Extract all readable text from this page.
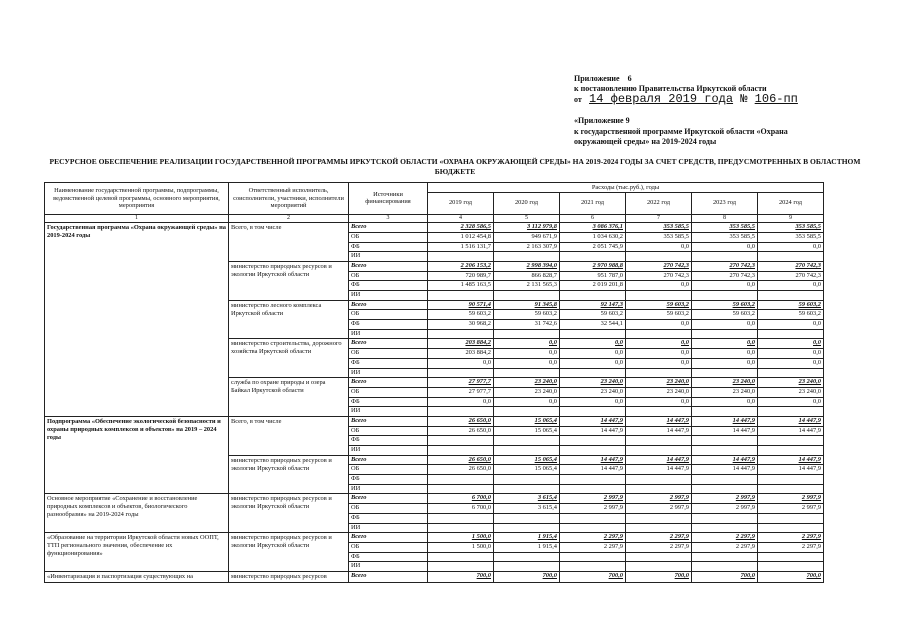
Приложение 6
к постановлению Правительства Иркутской области
от 14 февраля 2019 года № 106-пп
«Приложение 9
к государственной программе Иркутской области «Охрана окружающей среды» на 2019-2024 годы
РЕСУРСНОЕ ОБЕСПЕЧЕНИЕ РЕАЛИЗАЦИИ ГОСУДАРСТВЕННОЙ ПРОГРАММЫ ИРКУТСКОЙ ОБЛАСТИ «ОХРАНА ОКРУЖАЮЩЕЙ СРЕДЫ» НА 2019-2024 ГОДЫ ЗА СЧЕТ СРЕДСТВ, ПРЕДУСМОТРЕННЫХ В ОБЛАСТНОМ БЮДЖЕТЕ
Наименование государственной программы, подпрограммы, ведомственной целевой программы, основного мероприятия, мероприятия	Ответственный исполнитель, соисполнители, участники, исполнители мероприятий	Источники финансирования	Расходы (тыс.руб.), годы					
			2019 год	2020 год	2021 год	2022 год	2023 год	2024 год
1	2	3	4	5	6	7	8	9
Государственная программа «Охрана окружающей среды» на 2019-2024 годы	Всего, в том числе	Всего	2 328 586,5	3 112 979,8	3 086 376,1	353 585,5	353 585,5	353 585,5
		ОБ	1 012 454,8	949 671,9	1 034 630,2	353 585,5	353 585,5	353 585,5
		ФБ	1 516 131,7	2 163 307,9	2 051 745,9	0,0	0,0	0,0
		ИИ						
	министерство природных ресурсов и экологии Иркутской области	Всего	2 206 153,2	2 998 394,0	2 970 988,8	270 742,3	270 742,3	270 742,3
		ОБ	720 989,7	866 828,7	951 787,0	270 742,3	270 742,3	270 742,3
		ФБ	1 485 163,5	2 131 565,3	2 019 201,8	0,0	0,0	0,0
		ИИ						
	министерство лесного комплекса Иркутской области	Всего	90 571,4	91 345,8	92 147,3	59 603,2	59 603,2	59 603,2
		ОБ	59 603,2	59 603,2	59 603,2	59 603,2	59 603,2	59 603,2
		ФБ	30 968,2	31 742,6	32 544,1	0,0	0,0	0,0
		ИИ						
	министерство строительства, дорожного хозяйства Иркутской области	Всего	203 884,2	0,0	0,0	0,0	0,0	0,0
		ОБ	203 884,2	0,0	0,0	0,0	0,0	0,0
		ФБ	0,0	0,0	0,0	0,0	0,0	0,0
		ИИ						
	служба по охране природы и озера Байкал Иркутской области	Всего	27 977,7	23 240,0	23 240,0	23 240,0	23 240,0	23 240,0
		ОБ	27 977,7	23 240,0	23 240,0	23 240,0	23 240,0	23 240,0
		ФБ	0,0	0,0	0,0	0,0	0,0	0,0
		ИИ						
Подпрограмма «Обеспечение экологической безопасности и охраны природных комплексов и объектов» на 2019 – 2024 годы	Всего, в том числе	Всего	26 650,0	15 065,4	14 447,9	14 447,9	14 447,9	14 447,9
		ОБ	26 650,0	15 065,4	14 447,9	14 447,9	14 447,9	14 447,9
		ФБ						
		ИИ						
	министерство природных ресурсов и экологии Иркутской области	Всего	26 650,0	15 065,4	14 447,9	14 447,9	14 447,9	14 447,9
		ОБ	26 650,0	15 065,4	14 447,9	14 447,9	14 447,9	14 447,9
		ФБ						
		ИИ						
Основное мероприятие «Сохранение и восстановление природных комплексов и объектов, биологического разнообразия» на 2019-2024 годы	министерство природных ресурсов и экологии Иркутской области	Всего	6 700,0	3 615,4	2 997,9	2 997,9	2 997,9	2 997,9
		ОБ	6 700,0	3 615,4	2 997,9	2 997,9	2 997,9	2 997,9
		ФБ						
		ИИ						
«Образование на территории Иркутской области новых ООПТ, ТТП регионального значения, обеспечение их функционирования»	министерство природных ресурсов и экологии Иркутской области	Всего	1 500,0	1 915,4	2 297,9	2 297,9	2 297,9	2 297,9
		ОБ	1 500,0	1 915,4	2 297,9	2 297,9	2 297,9	2 297,9
		ФБ						
		ИИ						
«Инвентаризация и паспортизация существующих на	министерство природных ресурсов	Всего	700,0	700,0	700,0	700,0	700,0	700,0
